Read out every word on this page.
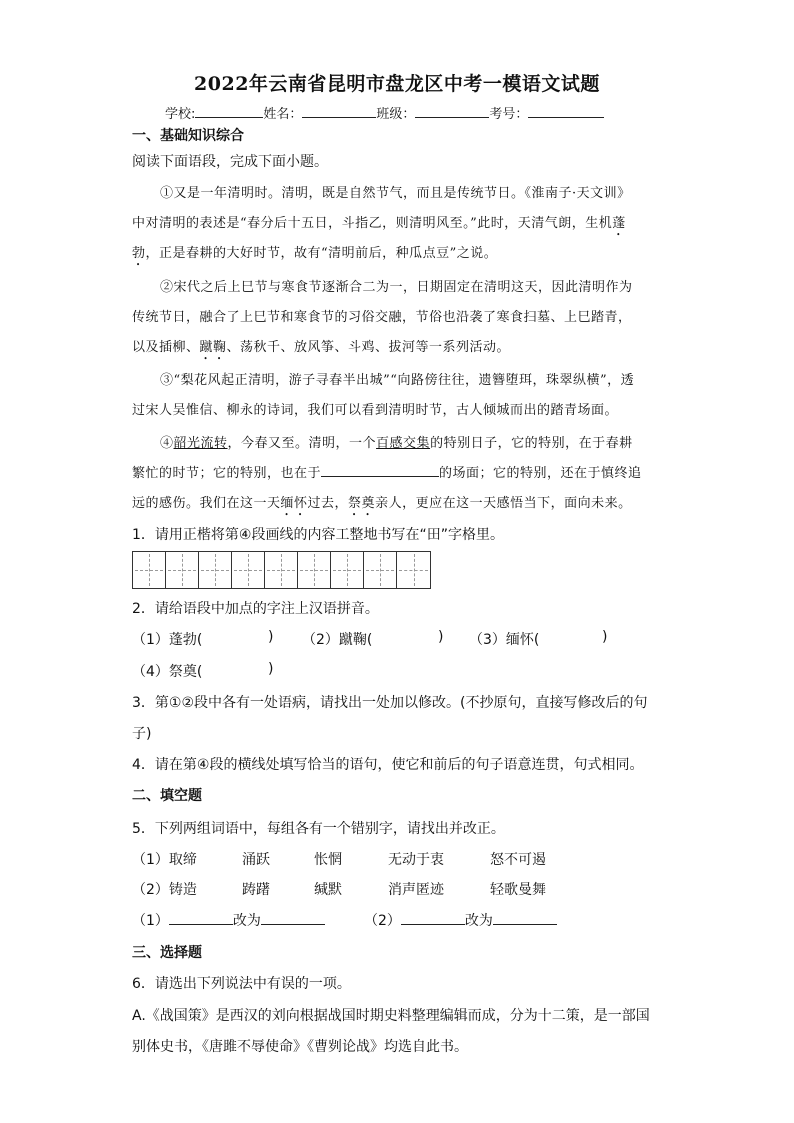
2022年云南省昆明市盘龙区中考一模语文试题
学校:	姓名：	班级：	考号：
一、基础知识综合
阅读下面语段，完成下面小题。
①又是一年清明时。清明，既是自然节气，而且是传统节日。《淮南子·天文训》
中对清明的表述是“春分后十五日，斗指乙，则清明风至。”此时，天清气朗，生机蓬
勃，正是春耕的大好时节，故有“清明前后，种瓜点豆”之说。
②宋代之后上巳节与寒食节逐渐合二为一，日期固定在清明这天，因此清明作为
传统节日，融合了上巳节和寒食节的习俗交融，节俗也沿袭了寒食扫墓、上巳踏青，
以及插柳、蹴鞠、荡秋千、放风筝、斗鸡、拔河等一系列活动。
③“梨花风起正清明，游子寻春半出城”“向路傍往往，遗簪堕珥，珠翠纵横”，透
过宋人吴惟信、柳永的诗词，我们可以看到清明时节，古人倾城而出的踏青场面。
④韶光流转，今春又至。清明，一个百感交集的特别日子，它的特别，在于春耕
繁忙的时节；它的特别，也在于	的场面；它的特别，还在于慎终追
远的感伤。我们在这一天缅怀过去，祭奠亲人，更应在这一天感悟当下，面向未来。
1．请用正楷将第④段画线的内容工整地书写在“田”字格里。
2．请给语段中加点的字注上汉语拼音。
（1）蓬勃(	) （2）蹴鞠(	) （3）缅怀(	)
（4）祭奠(	)
3．第①②段中各有一处语病，请找出一处加以修改。(不抄原句，直接写修改后的句
子)
4．请在第④段的横线处填写恰当的语句，使它和前后的句子语意连贯，句式相同。
二、填空题
5．下列两组词语中，每组各有一个错别字，请找出并改正。
（1）取缔	涌跃	怅惘	无动于衷	怒不可遏
（2）铸造	踌躇	缄默	消声匿迹	轻歌曼舞
（1）	改为	（2）	改为
三、选择题
6．请选出下列说法中有误的一项。
A.《战国策》是西汉的刘向根据战国时期史料整理编辑而成，分为十二策，是一部国
别体史书，《唐雎不辱使命》《曹刿论战》均选自此书。
